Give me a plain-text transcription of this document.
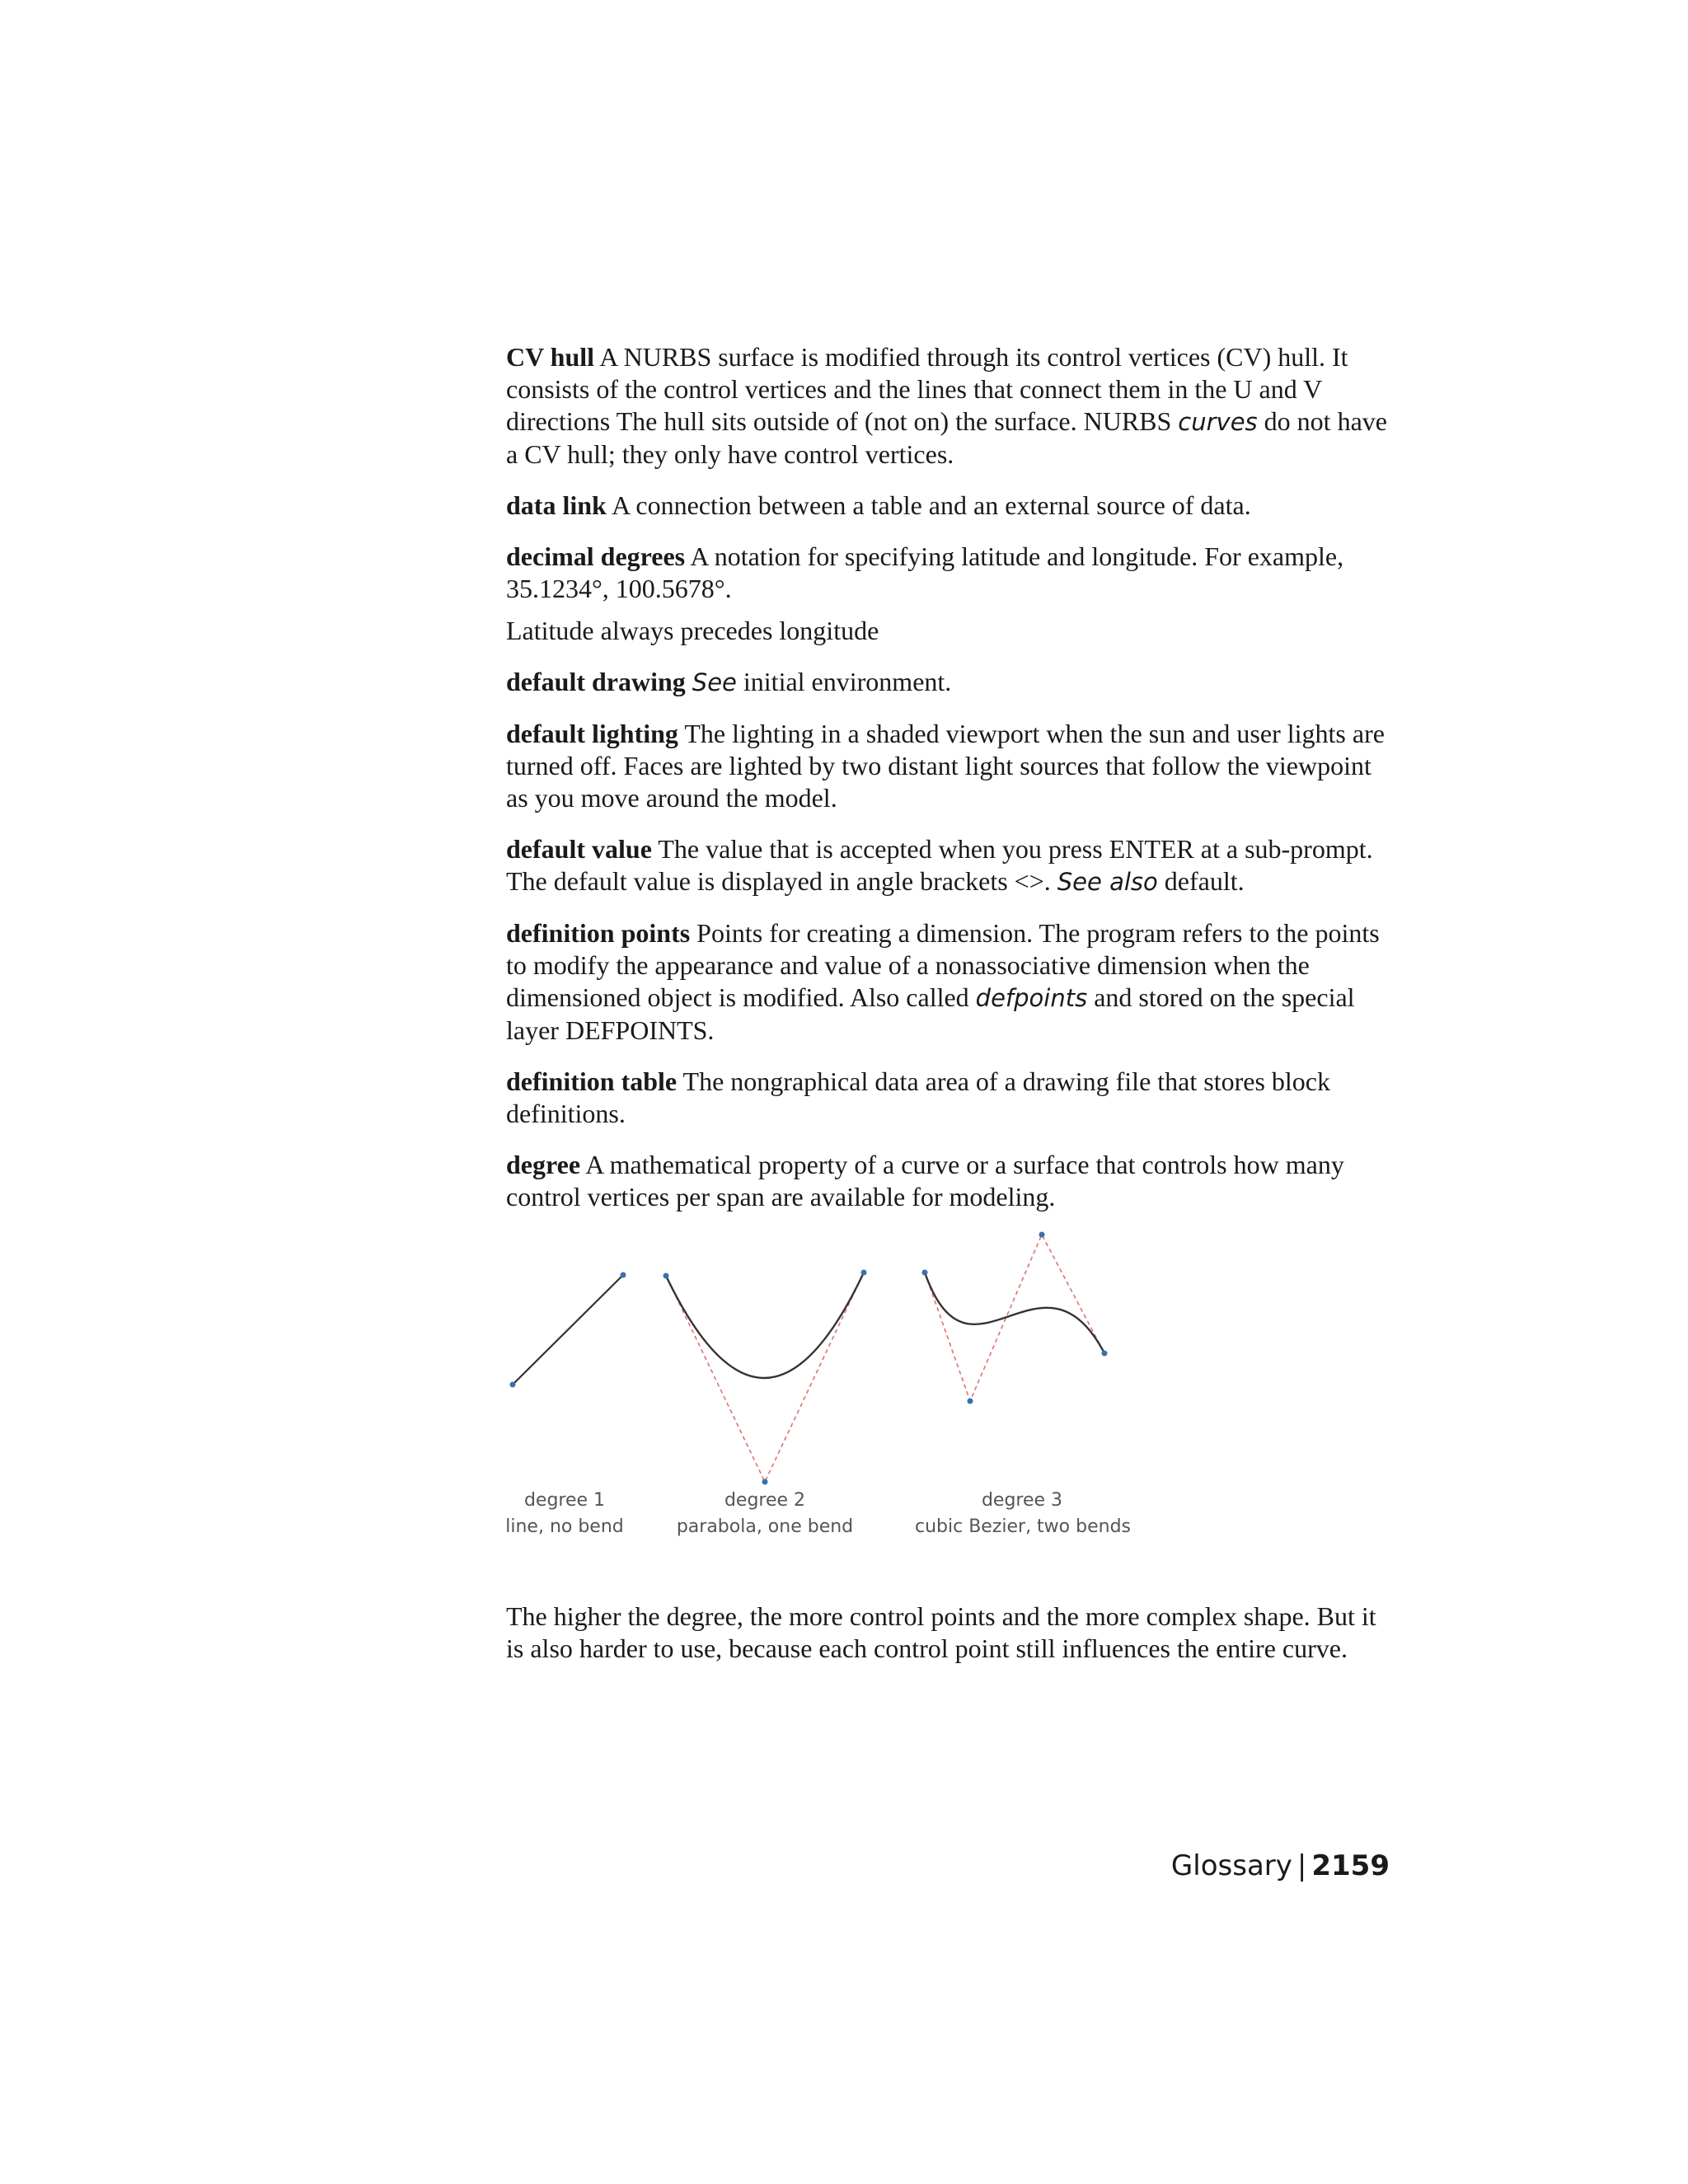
CV hull A NURBS surface is modified through its control vertices (CV) hull. It consists of the control vertices and the lines that connect them in the U and V directions The hull sits outside of (not on) the surface. NURBS curves do not have a CV hull; they only have control vertices.

data link A connection between a table and an external source of data.

decimal degrees A notation for specifying latitude and longitude. For example, 35.1234°, 100.5678°.

Latitude always precedes longitude

default drawing See initial environment.

default lighting The lighting in a shaded viewport when the sun and user lights are turned off. Faces are lighted by two distant light sources that follow the viewpoint as you move around the model.

default value The value that is accepted when you press ENTER at a sub-prompt. The default value is displayed in angle brackets <>. See also default.

definition points Points for creating a dimension. The program refers to the points to modify the appearance and value of a nonassociative dimension when the dimensioned object is modified. Also called defpoints and stored on the special layer DEFPOINTS.

definition table The nongraphical data area of a drawing file that stores block definitions.

degree A mathematical property of a curve or a surface that controls how many control vertices per span are available for modeling.

degree 1
line, no bend
degree 2
parabola, one bend
degree 3
cubic Bezier, two bends

The higher the degree, the more control points and the more complex shape. But it is also harder to use, because each control point still influences the entire curve.

Glossary | 2159
